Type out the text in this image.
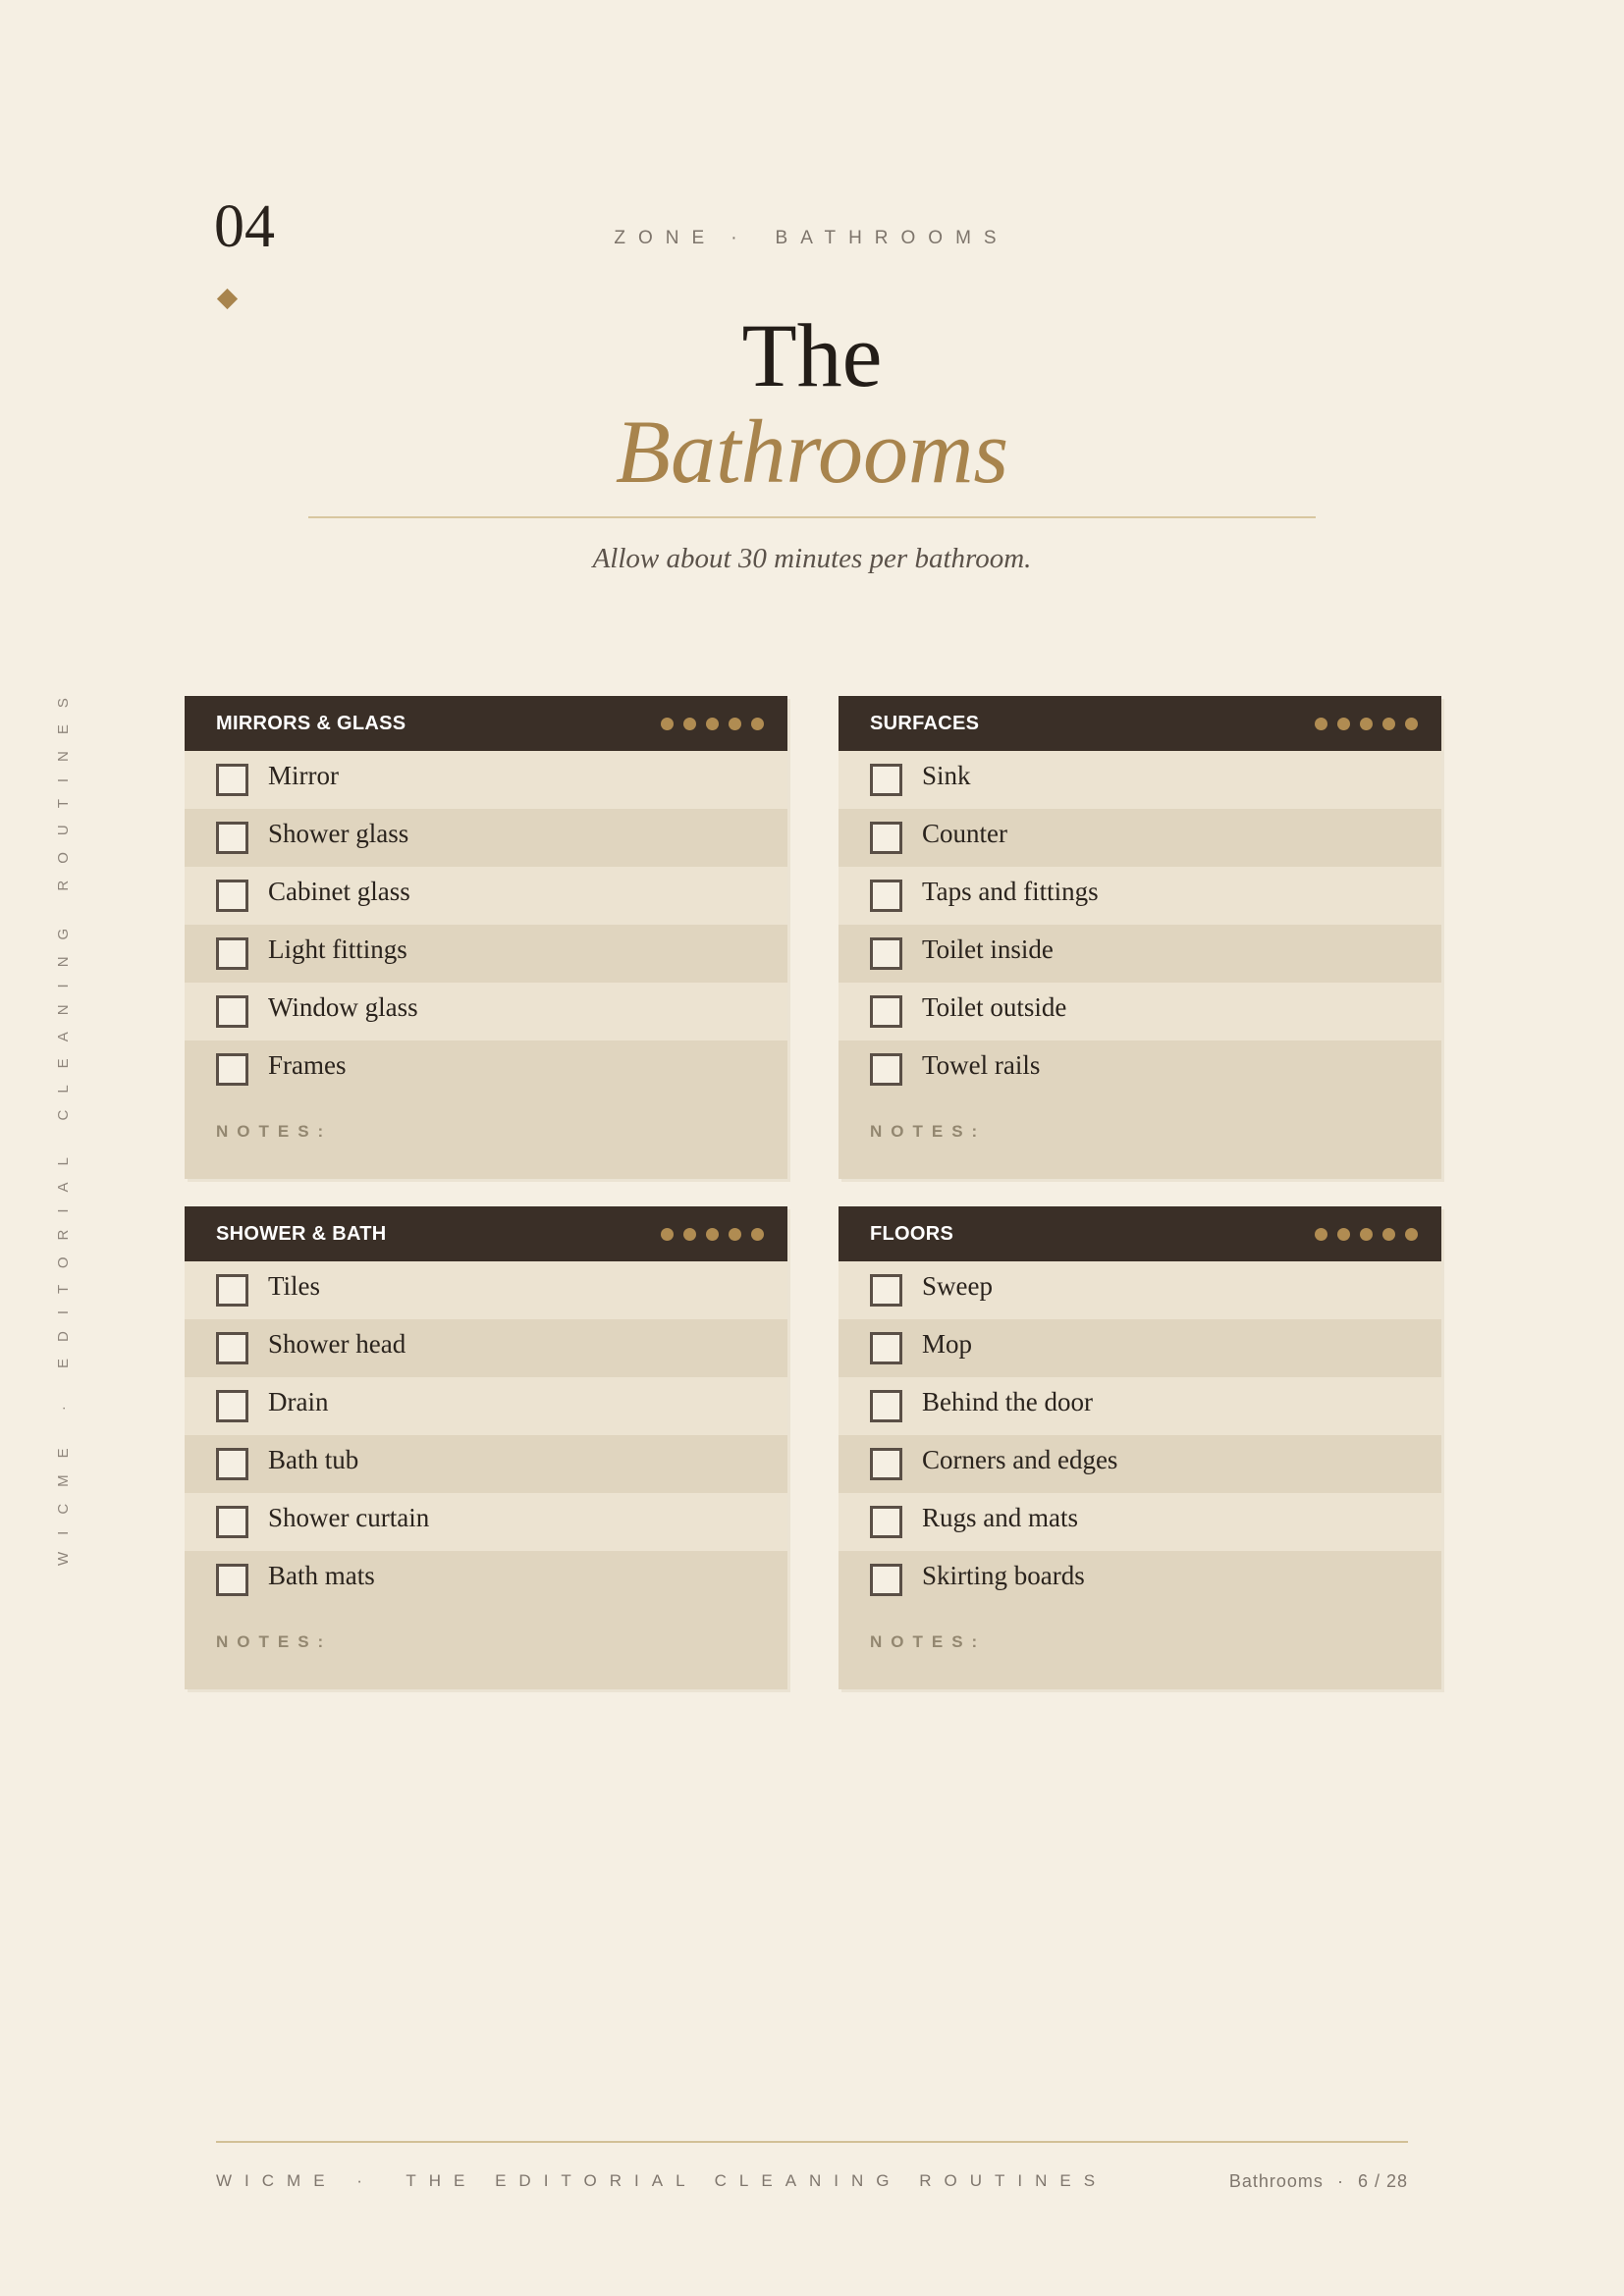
04	ZONE · BATHROOMS
The
Bathrooms
Allow about 30 minutes per bathroom.
WICME · EDITORIAL CLEANING ROUTINES	MIRRORS & GLASS
Mirror
Shower glass
Cabinet glass
Light fittings
Window glass
Frames
NOTES:
SURFACES
Sink
Counter
Taps and fittings
Toilet inside
Toilet outside
Towel rails
NOTES:
SHOWER & BATH
Tiles
Shower head
Drain
Bath tub
Shower curtain
Bath mats
NOTES:
FLOORS
Sweep
Mop
Behind the door
Corners and edges
Rugs and mats
Skirting boards
NOTES:
WICME · THE EDITORIAL CLEANING ROUTINES	Bathrooms · 6 / 28
